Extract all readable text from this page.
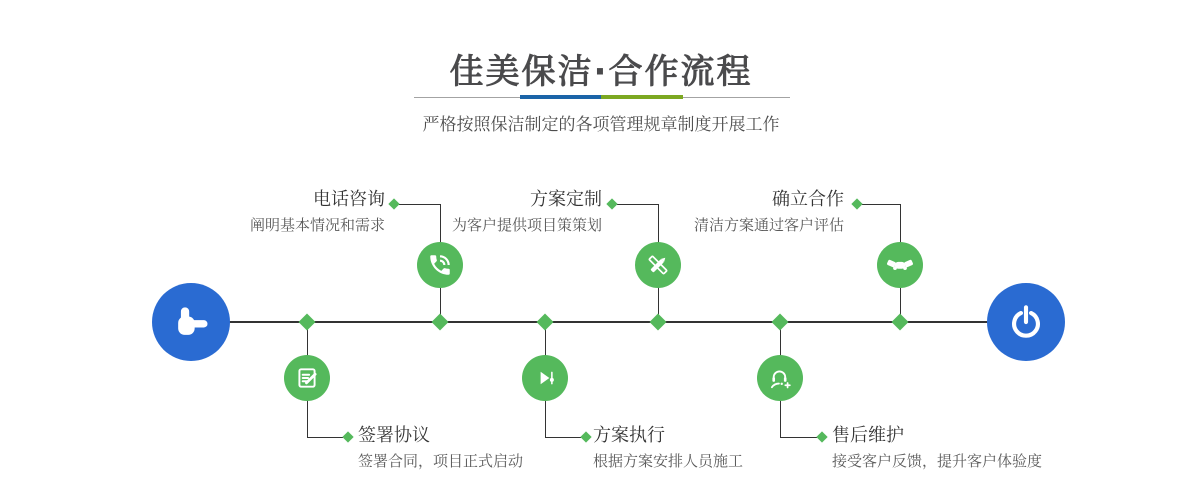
佳美保洁·合作流程

严格按照保洁制定的各项管理规章制度开展工作

电话咨询
阐明基本情况和需求
方案定制
为客户提供项目策策划
确立合作
清洁方案通过客户评估
签署协议
签署合同，项目正式启动
方案执行
根据方案安排人员施工
售后维护
接受客户反馈，提升客户体验度
